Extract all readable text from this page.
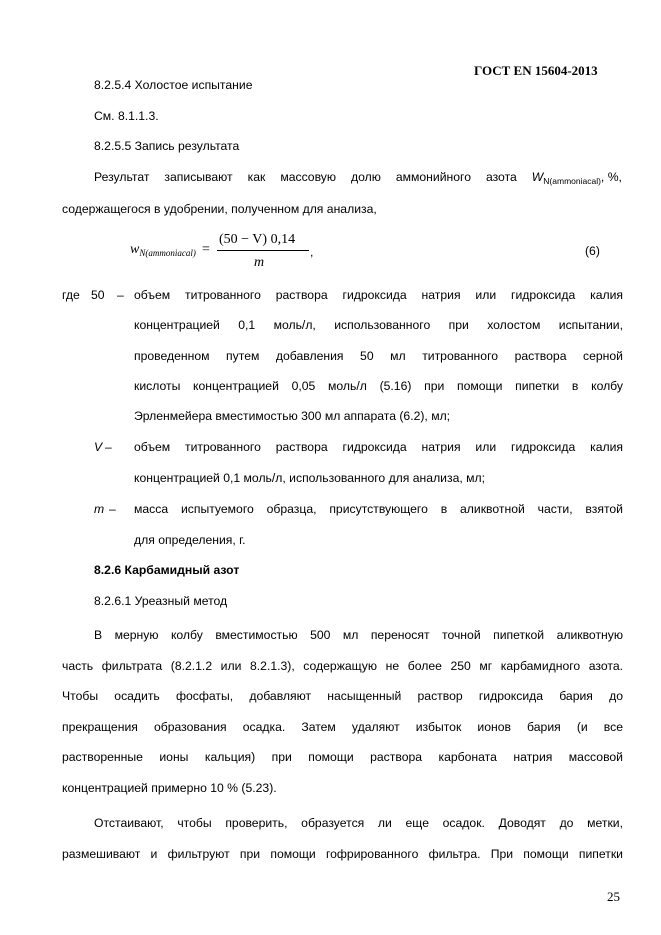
ГОСТ EN 15604-2013
8.2.5.4 Холостое испытание
См. 8.1.1.3.
8.2.5.5 Запись результата
Результат записывают как массовую долю аммонийного азота $W_{N(ammoniacal)}$, %,
содержащегося в удобрении, полученном для анализа,
$w_{N(ammoniacal)}$ =
(50 − V) 0,14
m
,	(6)
где 50 – объем титрованного раствора гидроксида натрия или гидроксида калия
концентрацией 0,1 моль/л, использованного при холостом испытании,
проведенном путем добавления 50 мл титрованного раствора серной
кислоты концентрацией 0,05 моль/л (5.16) при помощи пипетки в колбу
Эрленмейера вместимостью 300 мл аппарата (6.2), мл;
V – объем титрованного раствора гидроксида натрия или гидроксида калия
концентрацией 0,1 моль/л, использованного для анализа, мл;
m – масса испытуемого образца, присутствующего в аликвотной части, взятой
для определения, г.
8.2.6 Карбамидный азот
8.2.6.1 Уреазный метод
В мерную колбу вместимостью 500 мл переносят точной пипеткой аликвотную
часть фильтрата (8.2.1.2 или 8.2.1.3), содержащую не более 250 мг карбамидного азота.
Чтобы осадить фосфаты, добавляют насыщенный раствор гидроксида бария до
прекращения образования осадка. Затем удаляют избыток ионов бария (и все
растворенные ионы кальция) при помощи раствора карбоната натрия массовой
концентрацией примерно 10 % (5.23).
Отстаивают, чтобы проверить, образуется ли еще осадок. Доводят до метки,
размешивают и фильтруют при помощи гофрированного фильтра. При помощи пипетки
25
